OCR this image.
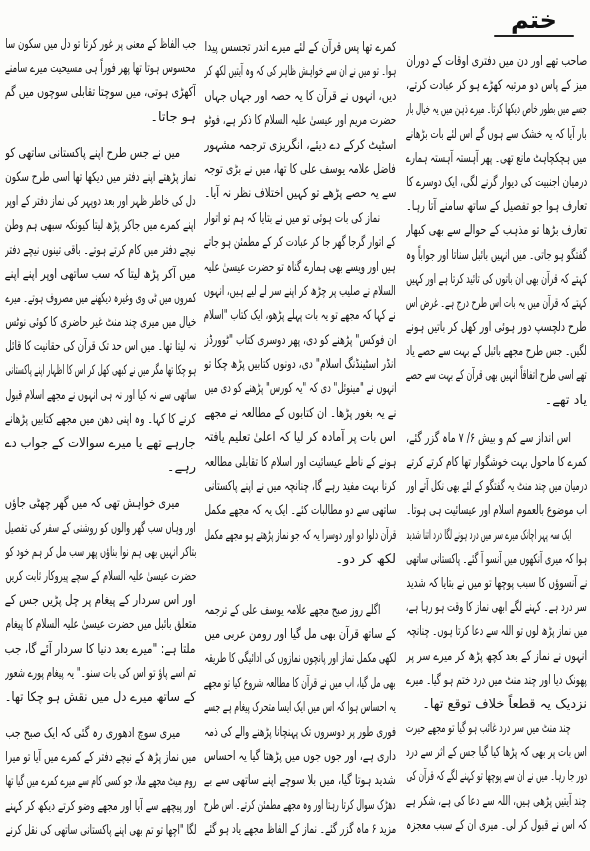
ختم
صاحب تھے اور دن میں دفتری اوقات کے دوران
میز کے پاس دو مرتبہ کھڑے ہو کر عبادت کرتے،
جسے میں بطور خاص دیکھا کرتا۔ میرے ذہن میں یہ خیال بار
بار آیا کہ یہ خشک سے ہوں گے اس لئے بات بڑھانے
میں ہچکچاہٹ مانع تھی۔ پھر آہستہ آہستہ ہمارے
درمیان اجنبیت کی دیوار گرنے لگی، ایک دوسرے کا
تعارف ہوا جو تفصیل کے ساتھ سامنے آتا رہا۔
تعارف بڑھا تو مذہب کے حوالے سے بھی کبھار
گفتگو ہو جاتی۔ میں انہیں بائبل سناتا اور جواباً وہ
کہتے کہ قرآن بھی ان باتوں کی تائید کرتا ہے اور کہیں
کہتے کہ قرآن میں یہ بات اس طرح درج ہے۔ غرض اس
طرح دلچسپ دور ہوئی اور کھل کر باتیں ہونے
لگیں۔ جس طرح مجھے بائبل کے بہت سے حصے یاد
تھے اسی طرح اتفاقاً انہیں بھی قرآن کے بہت سے حصے
یاد تھے۔
اس انداز سے کم و بیش ۶/ ۷ ماہ گزر گئے،
کمرے کا ماحول بہت خوشگوار تھا کام کرتے کرتے
درمیان میں چند منٹ یہ گفتگو کے لئے بھی نکل آتے اور
اب موضوع بالعموم اسلام اور عیسائیت ہی ہوتا۔
ایک سہ پہر اچانک میرے سر میں درد ہونے لگا درد اتنا شدید
ہوا کہ میری آنکھوں میں آنسو آ گئے۔ پاکستانی ساتھی
نے آنسوؤں کا سبب پوچھا تو میں نے بتایا کہ شدید
سر درد ہے۔ کہنے لگے ابھی نماز کا وقت ہو رہا ہے،
میں نماز پڑھ لوں تو اللہ سے دعا کرتا ہوں۔ چنانچہ
انہوں نے نماز کے بعد کچھ پڑھ کر میرے سر پر
پھونک دیا اور چند منٹ میں درد ختم ہو گیا۔ میرے
نزدیک یہ قطعاً خلاف توقع تھا۔
چند منٹ میں سر درد غائب ہو گیا تو مجھے حیرت
اس بات پر بھی کہ پڑھا کیا گیا جس کے اثر سے درد
دور جا رہا۔ میں نے ان سے پوچھا تو کہنے لگے کہ قرآن کی
چند آیتیں پڑھی ہیں، اللہ سے دعا کی ہے، شکر ہے
کہ اس نے قبول کر لی۔ میری ان کے سبب معجزہ
کمرے تھا پس قرآن کے لئے میرے اندر تجسس پیدا
ہوا۔ تو میں نے ان سے خواہش ظاہر کی کہ وہ آیتیں لکھ کر
دیں، انہوں نے قرآن کا یہ حصہ اور جہاں جہاں
حضرت مریم اور عیسیٰ علیہ السلام کا ذکر ہے، فوٹو
اسٹیٹ کرکے دے دیئے، انگریزی ترجمہ مشہور
فاضل علامہ یوسف علی کا تھا، میں نے بڑی توجہ
سے یہ حصے پڑھے تو کہیں اختلاف نظر نہ آیا۔
نماز کی بات ہوئی تو میں نے بتایا کہ ہم تو اتوار
کے اتوار گرجا گھر جا کر عبادت کر کے مطمئن ہو جاتے
ہیں اور ویسے بھی ہمارے گناہ تو حضرت عیسیٰ علیہ
السلام نے صلیب پر چڑھ کر اپنے سر لے لیے ہیں، انہوں
نے کہا کہ مجھے تو یہ بات پہلے پڑھو، ایک کتاب "اسلام
ان فوکس" پڑھنے کو دی، پھر دوسری کتاب "ٹوورڈز
انڈر اسٹینڈنگ اسلام" دی، دونوں کتابیں پڑھ چکا تو
انہوں نے "مینوئل" دی کہ "یہ کورس" پڑھنے کو دی میں
نے یہ بغور پڑھا۔ ان کتابوں کے مطالعہ نے مجھے
اس بات پر آمادہ کر لیا کہ اعلیٰ تعلیم یافتہ
ہونے کے ناطے عیسائیت اور اسلام کا تقابلی مطالعہ
کرنا بہت مفید رہے گا، چنانچہ میں نے اپنے پاکستانی
ساتھی سے دو مطالبات کئے۔ ایک یہ کہ مجھے مکمل
قرآن دلوا دو اور دوسرا یہ کہ جو نماز پڑھتے ہو مجھے مکمل
لکھ کر دو۔
اگلے روز صبح مجھے علامہ یوسف علی کے ترجمہ
کے ساتھ قرآن بھی مل گیا اور رومن عربی میں
لکھی مکمل نماز اور پانچوں نمازوں کی ادائیگی کا طریقہ
بھی مل گیا، اب میں نے قرآن کا مطالعہ شروع کیا تو مجھے
یہ احساس ہوا کہ اس میں ایک ایسا متحرک پیغام ہے جسے
فوری طور پر دوسروں تک پہنچانا پڑھنے والے کی ذمہ
داری ہے، اور جوں جوں میں پڑھتا گیا یہ احساس
شدید ہوتا گیا، میں بلا سوچے اپنے ساتھی سے بے
دھڑک سوال کرتا رہتا اور وہ مجھے مطمئن کرتے۔ اس طرح
مزید ۶ ماہ گزر گئے۔ نماز کے الفاظ مجھے یاد ہو گئے
جب الفاظ کے معنی پر غور کرتا تو دل میں سکون سا
محسوس ہوتا تھا پھر فوراً ہی مسیحیت میرے سامنے
آکھڑی ہوتی، میں سوچتا تقابلی سوچوں میں گم
ہو جاتا۔
میں نے جس طرح اپنے پاکستانی ساتھی کو
نماز پڑھتے اپنے دفتر میں دیکھا تھا اسی طرح سکون
دل کی خاطر ظہر اور بعد دوپہر کی نماز دفتر کے اوپر
اپنے کمرے میں جاکر پڑھ لیتا کیونکہ سبھی ہم وطن
نیچے دفتر میں کام کرتے ہوتے۔ باقی تینوں نیچے دفتر
میں آکر پڑھ لیتا کہ سب ساتھی اوپر اپنے اپنے
کمروں میں ٹی وی وغیرہ دیکھنے میں مصروف ہوتے۔ میرے
خیال میں میری چند منٹ غیر حاضری کا کوئی نوٹس
نہ لیتا تھا۔ میں اس حد تک قرآن کی حقانیت کا قائل
ہو چکا تھا مگر میں نے کبھی کھل کر اس کا اظہار اپنے پاکستانی
ساتھی سے نہ کیا اور نہ ہی انہوں نے مجھے اسلام قبول
کرنے کا کہا۔ وہ اپنی دھن میں مجھے کتابیں پڑھانے
جارہے تھے یا میرے سوالات کے جواب دے
رہے۔
میری خواہش تھی کہ میں گھر چھٹی جاؤں
اور وہاں سب گھر والوں کو روشنی کے سفر کی تفصیل
بتاکر انہیں بھی ہم نوا بناؤں پھر سب مل کر ہم خود کو
حضرت عیسیٰ علیہ السلام کے سچے پیروکار ثابت کریں
اور اس سردار کے پیغام پر چل پڑیں جس کے
متعلق بائبل میں حضرت عیسیٰ علیہ السلام کا پیغام
ملتا ہے: "میرے بعد دنیا کا سردار آئے گا، جب
تم اسے پاؤ تو اس کی بات سنو۔" یہ پیغام پورے شعور
کے ساتھ میرے دل میں نقش ہو چکا تھا۔
میری سوچ ادھوری رہ گئی کہ ایک صبح جب
میں نماز پڑھ کے نیچے دفتر کے کمرے میں آیا تو میرا
روم میٹ مجھے ملا، جو کسی کام سے میرے کمرے میں گیا تھا
اور پیچھے سے آیا اور مجھے وضو کرتے دیکھ کر کہنے
لگا "اچھا تو تم بھی اپنے پاکستانی ساتھی کی نقل کرنے
